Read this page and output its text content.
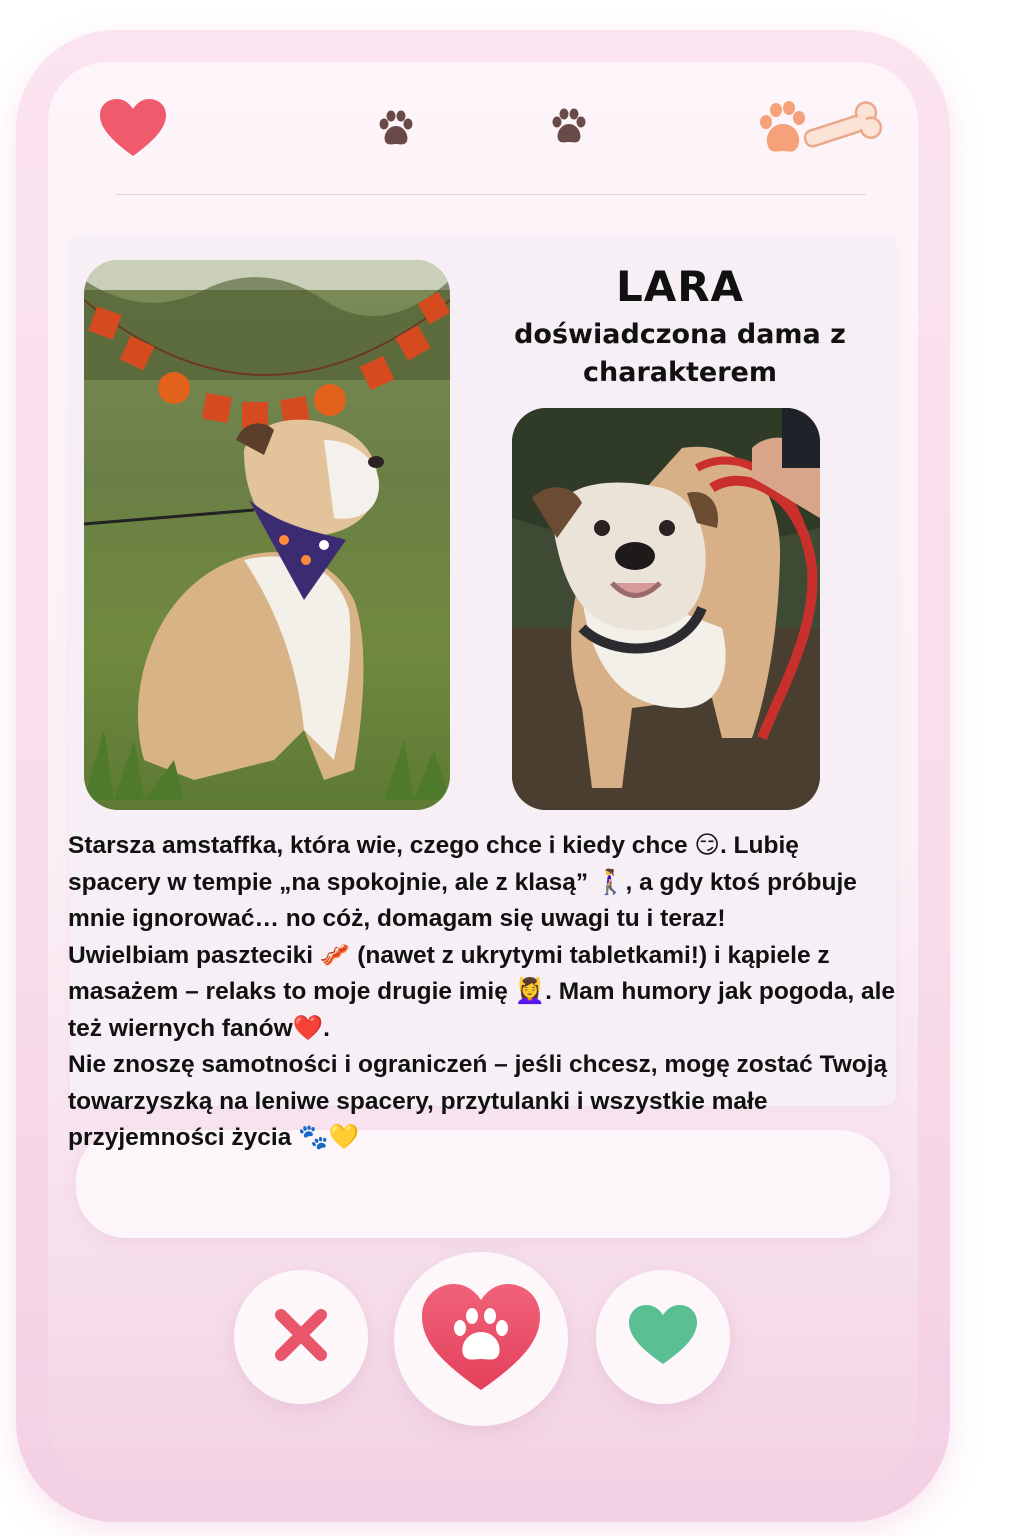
LARA
doświadczona dama z charakterem

Starsza amstaffka, która wie, czego chce i kiedy chce 😏. Lubię spacery w tempie „na spokojnie, ale z klasą” 🚶‍♀️, a gdy ktoś próbuje mnie ignorować… no cóż, domagam się uwagi tu i teraz!

Uwielbiam paszteciki 🥓 (nawet z ukrytymi tabletkami!) i kąpiele z masażem – relaks to moje drugie imię 💆‍♀️. Mam humory jak pogoda, ale też wiernych fanów❤️.

Nie znoszę samotności i ograniczeń – jeśli chcesz, mogę zostać Twoją towarzyszką na leniwe spacery, przytulanki i wszystkie małe przyjemności życia 🐾💛
